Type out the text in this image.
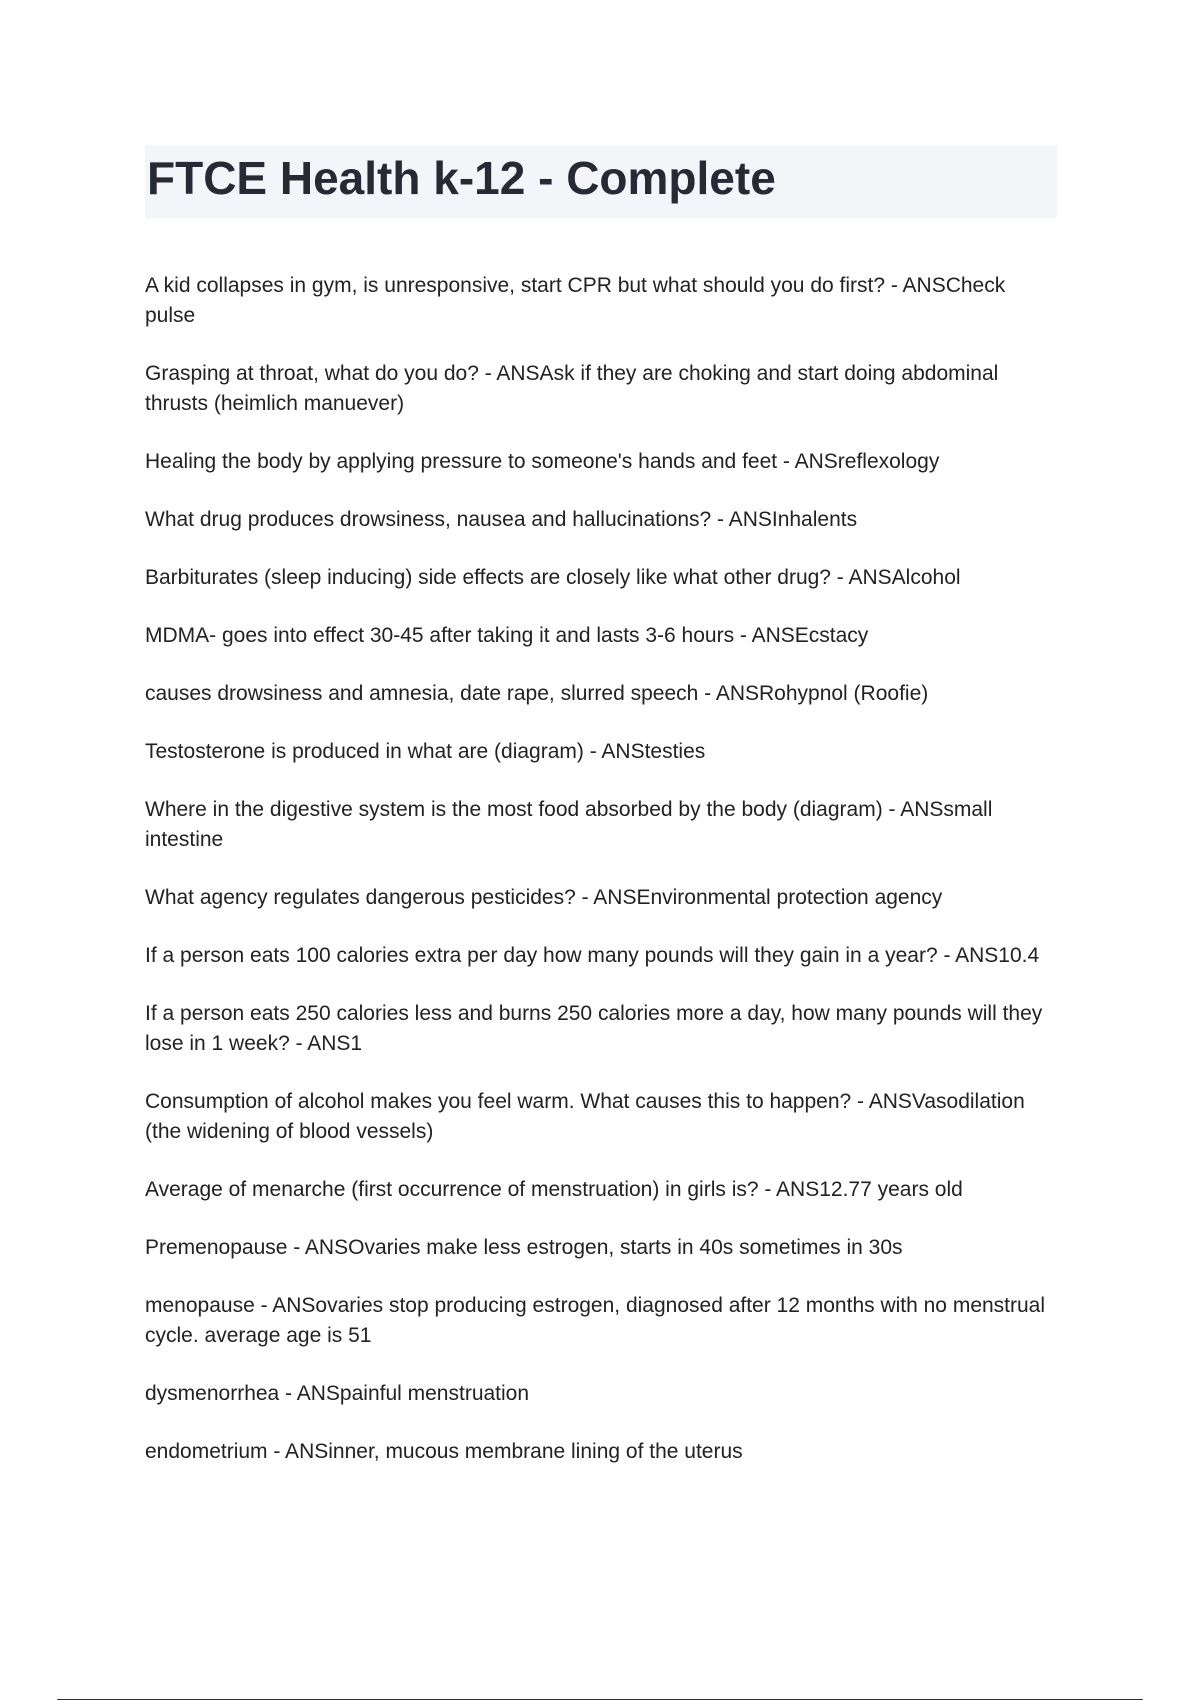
FTCE Health k-12 - Complete
A kid collapses in gym, is unresponsive, start CPR but what should you do first? - ANSCheck pulse
Grasping at throat, what do you do? - ANSAsk if they are choking and start doing abdominal thrusts (heimlich manuever)
Healing the body by applying pressure to someone's hands and feet - ANSreflexology
What drug produces drowsiness, nausea and hallucinations? - ANSInhalents
Barbiturates (sleep inducing) side effects are closely like what other drug? - ANSAlcohol
MDMA- goes into effect 30-45 after taking it and lasts 3-6 hours - ANSEcstacy
causes drowsiness and amnesia, date rape, slurred speech - ANSRohypnol (Roofie)
Testosterone is produced in what are (diagram) - ANStesties
Where in the digestive system is the most food absorbed by the body (diagram) - ANSsmall intestine
What agency regulates dangerous pesticides? - ANSEnvironmental protection agency
If a person eats 100 calories extra per day how many pounds will they gain in a year? - ANS10.4
If a person eats 250 calories less and burns 250 calories more a day, how many pounds will they lose in 1 week? - ANS1
Consumption of alcohol makes you feel warm. What causes this to happen? - ANSVasodilation (the widening of blood vessels)
Average of menarche (first occurrence of menstruation) in girls is? - ANS12.77 years old
Premenopause - ANSOvaries make less estrogen, starts in 40s sometimes in 30s
menopause - ANSovaries stop producing estrogen, diagnosed after 12 months with no menstrual cycle. average age is 51
dysmenorrhea - ANSpainful menstruation
endometrium - ANSinner, mucous membrane lining of the uterus
